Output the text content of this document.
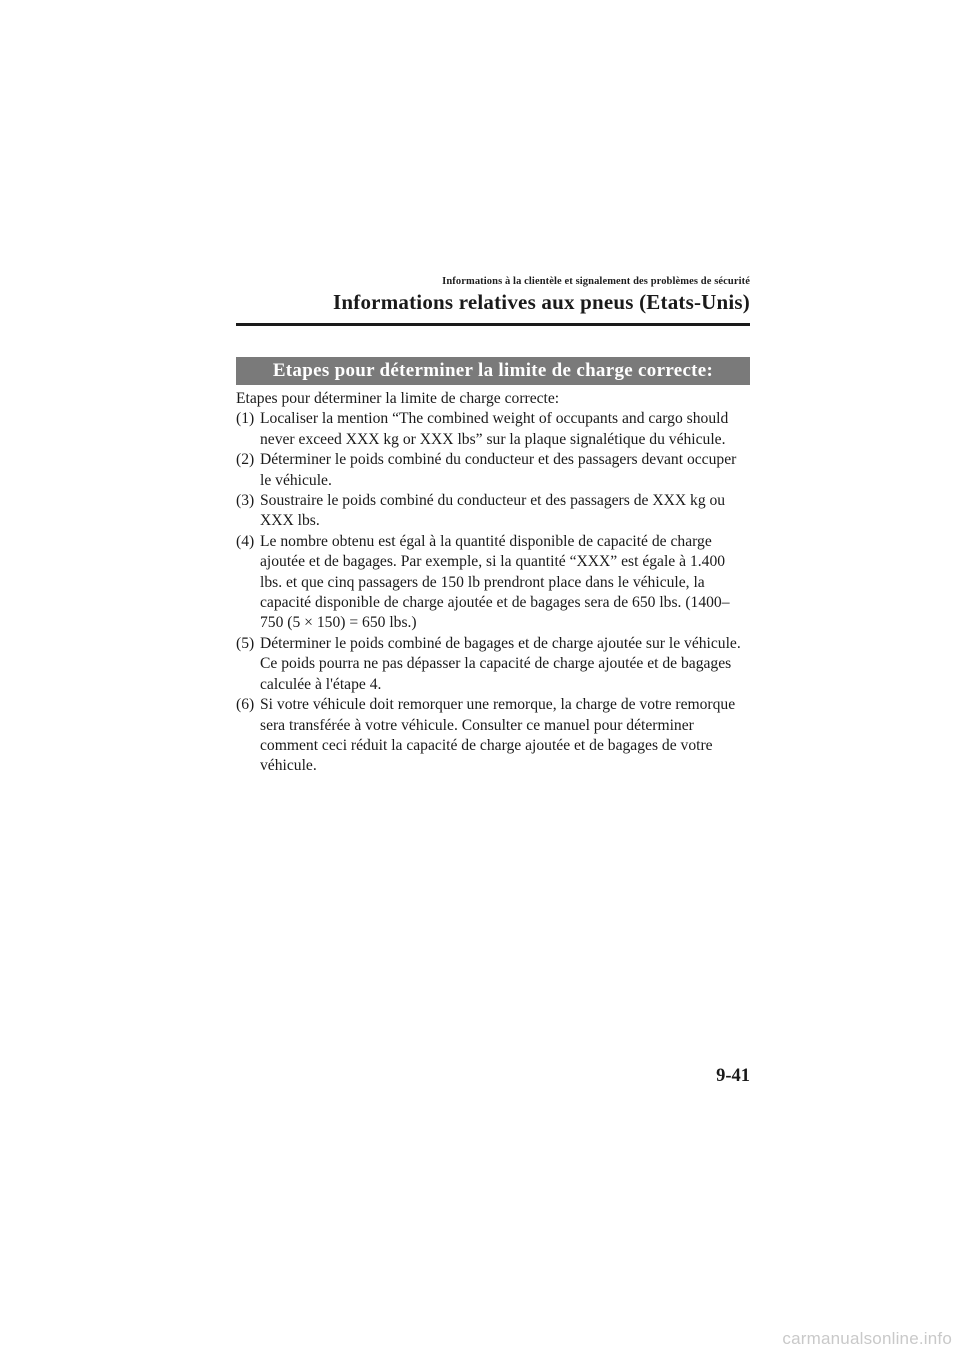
Informations à la clientèle et signalement des problèmes de sécurité
Informations relatives aux pneus (Etats-Unis)
Etapes pour déterminer la limite de charge correcte:

Etapes pour déterminer la limite de charge correcte:

(1) Localiser la mention “The combined weight of occupants and cargo should never exceed XXX kg or XXX lbs” sur la plaque signalétique du véhicule.
(2) Déterminer le poids combiné du conducteur et des passagers devant occuper le véhicule.
(3) Soustraire le poids combiné du conducteur et des passagers de XXX kg ou XXX lbs.
(4) Le nombre obtenu est égal à la quantité disponible de capacité de charge ajoutée et de bagages. Par exemple, si la quantité “XXX” est égale à 1.400 lbs. et que cinq passagers de 150 lb prendront place dans le véhicule, la capacité disponible de charge ajoutée et de bagages sera de 650 lbs. (1400–750 (5 × 150) = 650 lbs.)
(5) Déterminer le poids combiné de bagages et de charge ajoutée sur le véhicule. Ce poids pourra ne pas dépasser la capacité de charge ajoutée et de bagages calculée à l'étape 4.
(6) Si votre véhicule doit remorquer une remorque, la charge de votre remorque sera transférée à votre véhicule. Consulter ce manuel pour déterminer comment ceci réduit la capacité de charge ajoutée et de bagages de votre véhicule.
9-41
carmanualsonline.info
